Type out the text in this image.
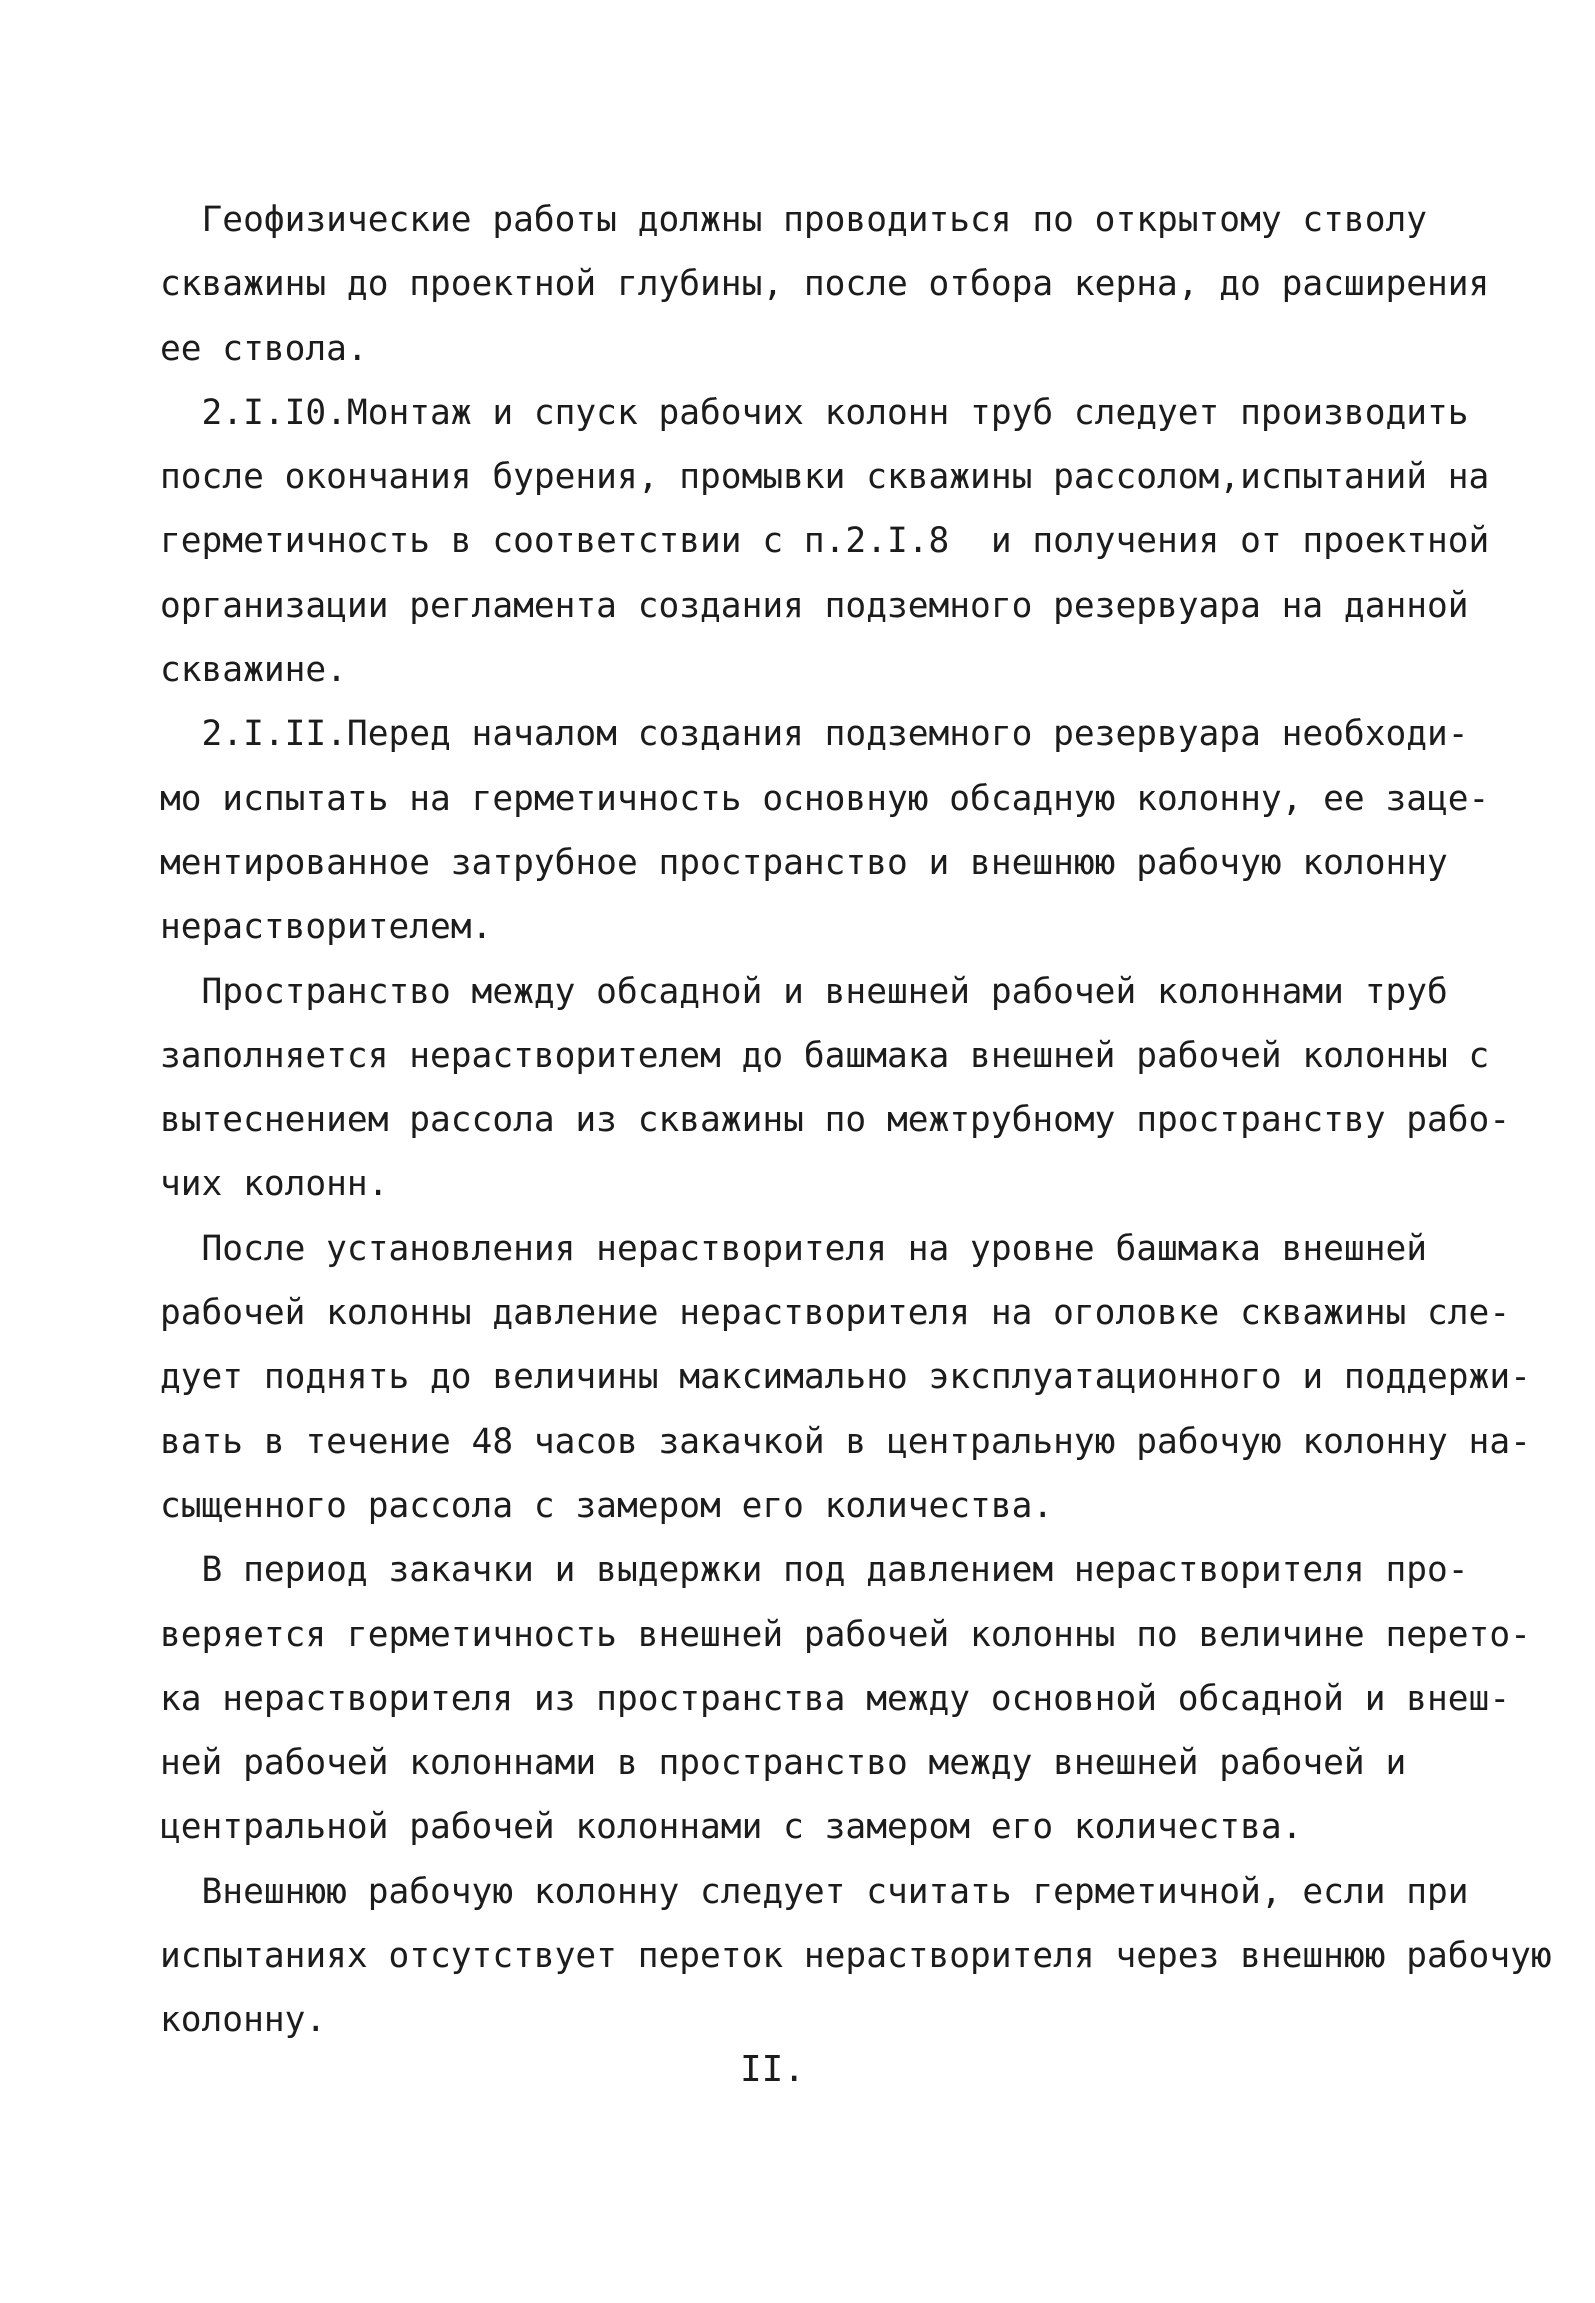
Геофизические работы должны проводиться по открытому стволу
скважины до проектной глубины, после отбора керна, до расширения
ее ствола.
2.I.I0.Монтаж и спуск рабочих колонн труб следует производить
после окончания бурения, промывки скважины рассолом,испытаний на
герметичность в соответствии с п.2.I.8  и получения от проектной
организации регламента создания подземного резервуара на данной
скважине.
2.I.II.Перед началом создания подземного резервуара необходи-
мо испытать на герметичность основную обсадную колонну, ее заце-
ментированное затрубное пространство и внешнюю рабочую колонну
нерастворителем.
Пространство между обсадной и внешней рабочей колоннами труб
заполняется нерастворителем до башмака внешней рабочей колонны с
вытеснением рассола из скважины по межтрубному пространству рабо-
чих колонн.
После установления нерастворителя на уровне башмака внешней
рабочей колонны давление нерастворителя на оголовке скважины сле-
дует поднять до величины максимально эксплуатационного и поддержи-
вать в течение 48 часов закачкой в центральную рабочую колонну на-
сыщенного рассола с замером его количества.
В период закачки и выдержки под давлением нерастворителя про-
веряется герметичность внешней рабочей колонны по величине перето-
ка нерастворителя из пространства между основной обсадной и внеш-
ней рабочей колоннами в пространство между внешней рабочей и
центральной рабочей колоннами с замером его количества.
Внешнюю рабочую колонну следует считать герметичной, если при
испытаниях отсутствует переток нерастворителя через внешнюю рабочую
колонну.
II.
